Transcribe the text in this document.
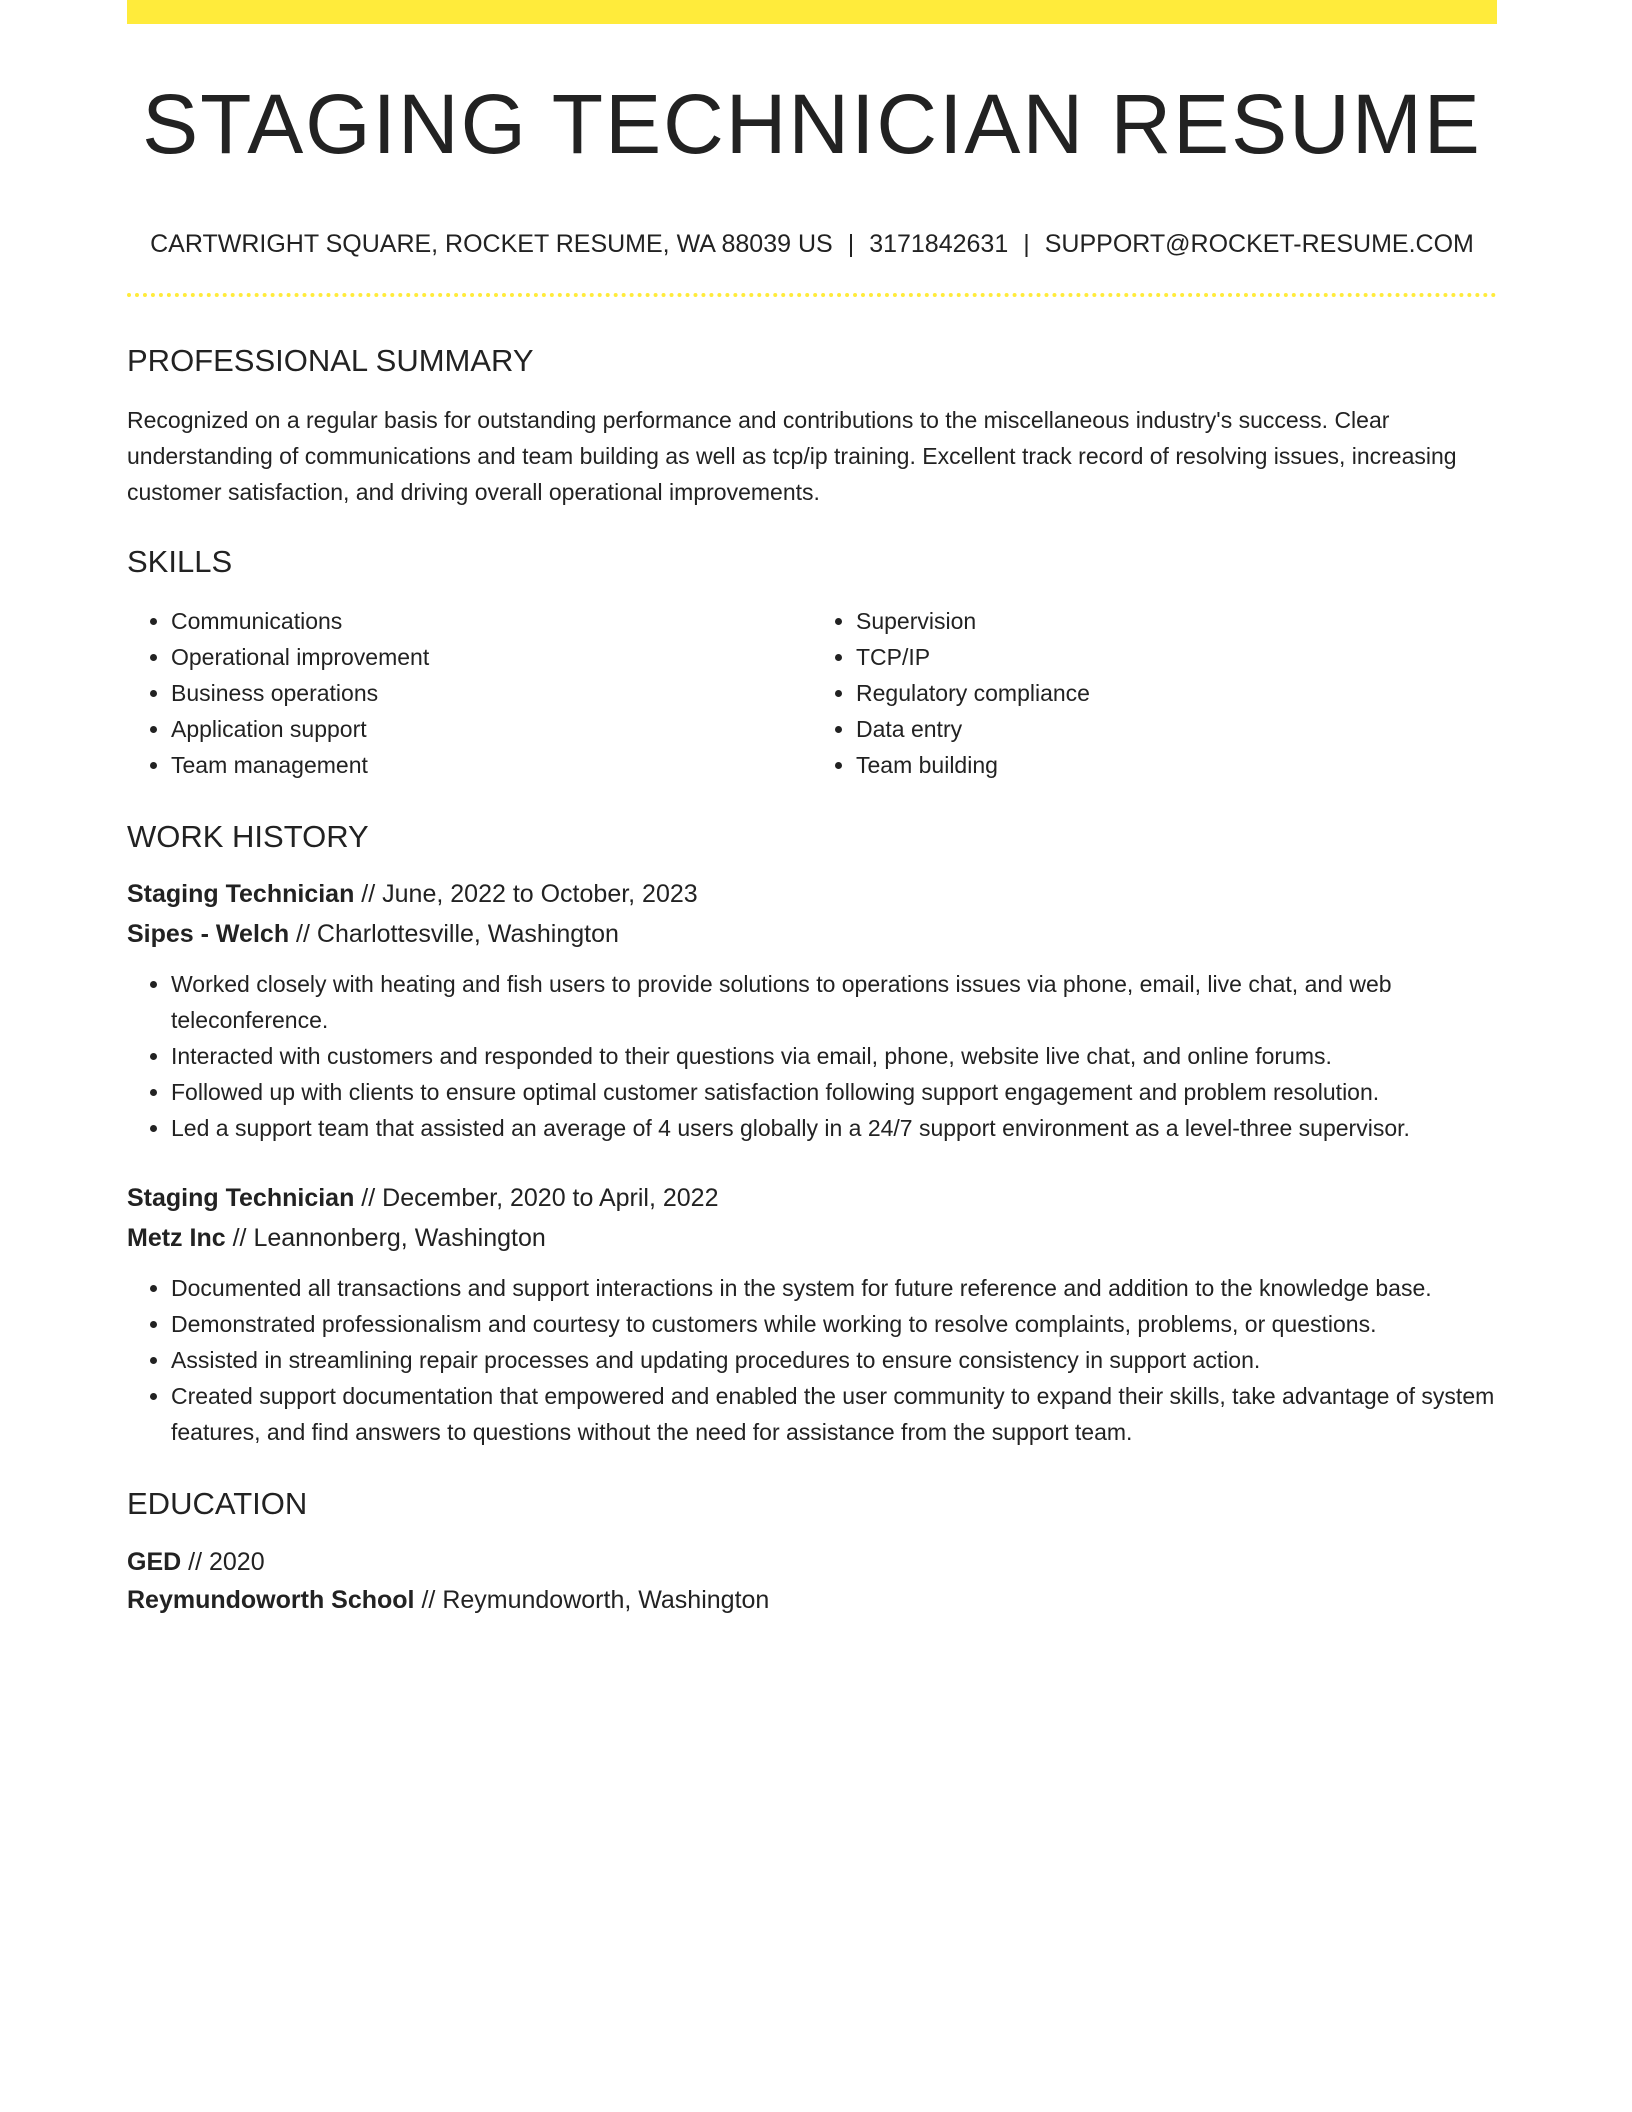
STAGING TECHNICIAN RESUME
CARTWRIGHT SQUARE, ROCKET RESUME, WA 88039 US | 3171842631 | SUPPORT@ROCKET-RESUME.COM
PROFESSIONAL SUMMARY
Recognized on a regular basis for outstanding performance and contributions to the miscellaneous industry's success. Clear understanding of communications and team building as well as tcp/ip training. Excellent track record of resolving issues, increasing customer satisfaction, and driving overall operational improvements.
SKILLS
• Communications
• Operational improvement
• Business operations
• Application support
• Team management
• Supervision
• TCP/IP
• Regulatory compliance
• Data entry
• Team building
WORK HISTORY
Staging Technician // June, 2022 to October, 2023
Sipes - Welch // Charlottesville, Washington
• Worked closely with heating and fish users to provide solutions to operations issues via phone, email, live chat, and web teleconference.
• Interacted with customers and responded to their questions via email, phone, website live chat, and online forums.
• Followed up with clients to ensure optimal customer satisfaction following support engagement and problem resolution.
• Led a support team that assisted an average of 4 users globally in a 24/7 support environment as a level-three supervisor.
Staging Technician // December, 2020 to April, 2022
Metz Inc // Leannonberg, Washington
• Documented all transactions and support interactions in the system for future reference and addition to the knowledge base.
• Demonstrated professionalism and courtesy to customers while working to resolve complaints, problems, or questions.
• Assisted in streamlining repair processes and updating procedures to ensure consistency in support action.
• Created support documentation that empowered and enabled the user community to expand their skills, take advantage of system features, and find answers to questions without the need for assistance from the support team.
EDUCATION
GED // 2020
Reymundoworth School // Reymundoworth, Washington
